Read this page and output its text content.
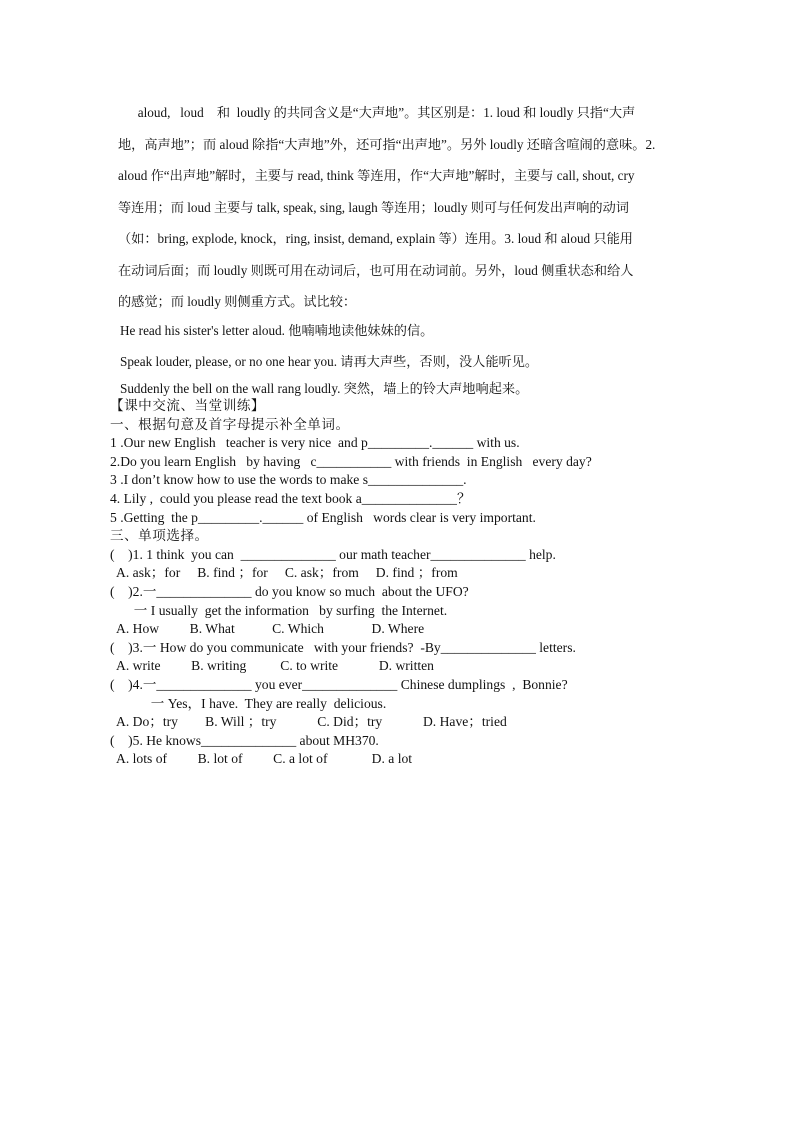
aloud,   loud    和  loudly 的共同含义是“大声地”。其区别是：1. loud 和 loudly 只指“大声
地，高声地”；而 aloud 除指“大声地”外，还可指“出声地”。另外 loudly 还暗含喧闹的意味。2.
aloud 作“出声地”解时，主要与 read, think 等连用，作“大声地”解时，主要与 call, shout, cry
等连用；而 loud 主要与 talk, speak, sing, laugh 等连用；loudly 则可与任何发出声响的动词
（如：bring, explode, knock，ring, insist, demand, explain 等）连用。3. loud 和 aloud 只能用
在动词后面；而 loudly 则既可用在动词后，也可用在动词前。另外，loud 侧重状态和给人
的感觉；而 loudly 则侧重方式。试比较：
He read his sister's letter aloud. 他喃喃地读他妹妹的信。
Speak louder, please, or no one hear you. 请再大声些，否则，没人能听见。
Suddenly the bell on the wall rang loudly. 突然，墙上的铃大声地响起来。
【课中交流、当堂训练】
一、根据句意及首字母提示补全单词。
1 .Our new English   teacher is very nice  and p_________.______ with us.
2.Do you learn English   by having   c___________ with friends  in English   every day?
3 .I don’t know how to use the words to make s______________.
4. Lily ,  could you please read the text book a______________？
5 .Getting  the p_________.______ of English   words clear is very important.
三、单项选择。
(    )1. 1 think  you can  ______________ our math teacher______________ help.
A. ask；for     B. find ；for     C. ask；from     D. find ；from
(    )2.一______________ do you know so much  about the UFO?
一 I usually  get the information   by surfing  the Internet.
A. How         B. What           C. Which              D. Where
(    )3.一 How do you communicate   with your friends?  -By______________ letters.
A. write         B. writing          C. to write            D. written
(    )4.一______________ you ever______________ Chinese dumplings  ,  Bonnie?
一 Yes，I have.  They are really  delicious.
A. Do；try        B. Will ；try            C. Did；try            D. Have；tried
(    )5. He knows______________ about MH370.
A. lots of         B. lot of         C. a lot of             D. a lot
